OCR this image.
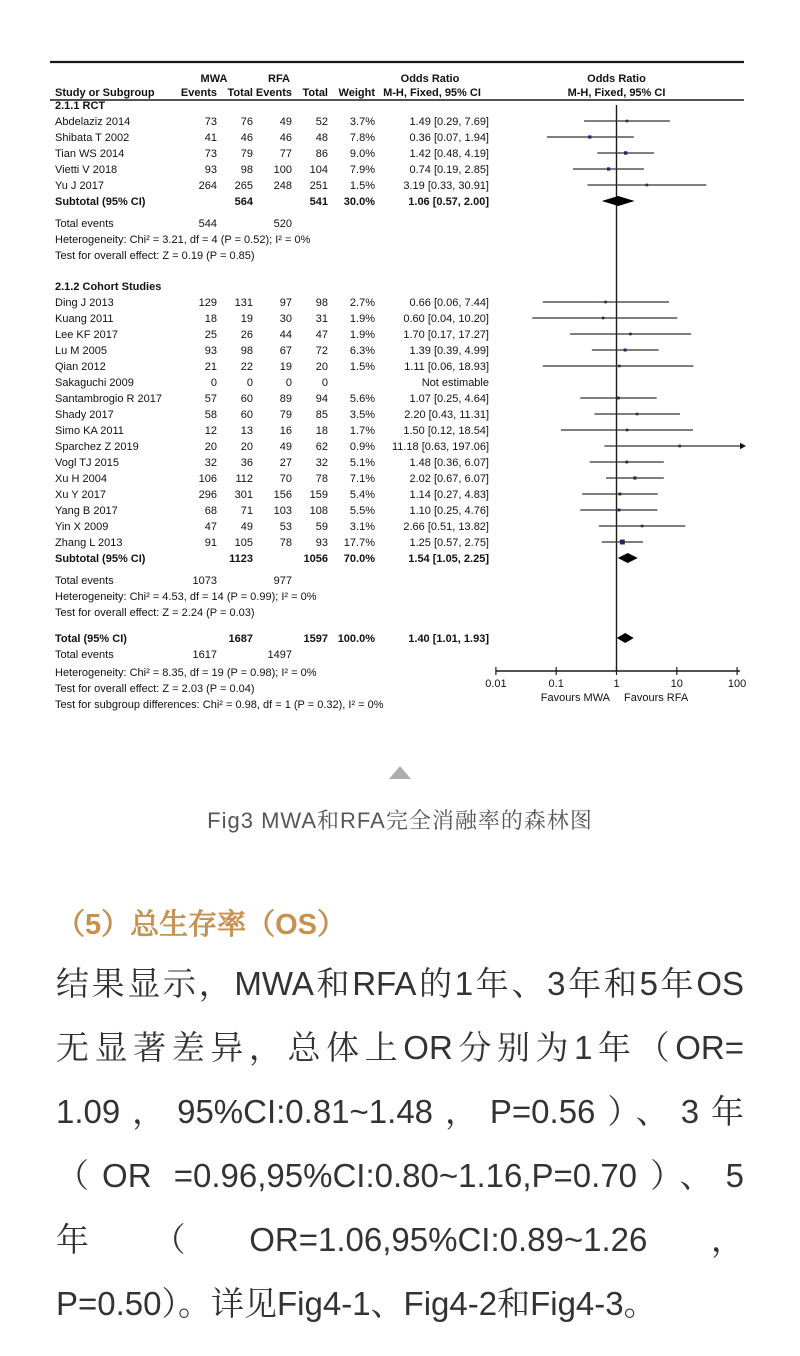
MWA	RFA	Odds Ratio	Odds Ratio
Study or Subgroup Events Total Events Total Weight M-H, Fixed, 95% CI	M-H, Fixed, 95% CI
2.1.1 RCT
Abdelaziz 2014	73 76 49 52 3.7%	1.49 [0.29, 7.69]
Shibata T 2002	41 46 46 48 7.8%	0.36 [0.07, 1.94]
Tian WS 2014	73 79 77 86 9.0%	1.42 [0.48, 4.19]
Vietti V 2018	93 98 100 104 7.9%	0.74 [0.19, 2.85]
Yu J 2017	264 265 248 251 1.5%	3.19 [0.33, 30.91]
Subtotal (95% CI)	564	541 30.0%	1.06 [0.57, 2.00]
Total events	544	520
Heterogeneity: Chi² = 3.21, df = 4 (P = 0.52); I² = 0%
Test for overall effect: Z = 0.19 (P = 0.85)
2.1.2 Cohort Studies
Ding J 2013	129 131 97 98 2.7%	0.66 [0.06, 7.44]
Kuang 2011	18 19 30 31 1.9%	0.60 [0.04, 10.20]
Lee KF 2017	25 26 44 47 1.9%	1.70 [0.17, 17.27]
Lu M 2005	93 98 67 72 6.3%	1.39 [0.39, 4.99]
Qian 2012	21 22 19 20 1.5%	1.11 [0.06, 18.93]
Sakaguchi 2009	0	0	0	0	Not estimable
Santambrogio R 2017	57 60 89 94 5.6%	1.07 [0.25, 4.64]
Shady 2017	58 60 79 85 3.5%	2.20 [0.43, 11.31]
Simo KA 2011	12 13 16 18 1.7%	1.50 [0.12, 18.54]
Sparchez Z 2019	20 20 49 62 0.9% 11.18 [0.63, 197.06]
Vogl TJ 2015	32 36 27 32 5.1%	1.48 [0.36, 6.07]
Xu H 2004	106 112 70 78 7.1%	2.02 [0.67, 6.07]
Xu Y 2017	296 301 156 159 5.4%	1.14 [0.27, 4.83]
Yang B 2017	68 71 103 108 5.5%	1.10 [0.25, 4.76]
Yin X 2009	47 49 53 59 3.1%	2.66 [0.51, 13.82]
Zhang L 2013	91 105 78 93 17.7%	1.25 [0.57, 2.75]
Subtotal (95% CI)	1123	1056 70.0%	1.54 [1.05, 2.25]
Total events	1073	977
Heterogeneity: Chi² = 4.53, df = 14 (P = 0.99); I² = 0%
Test for overall effect: Z = 2.24 (P = 0.03)
Total (95% CI)	1687	1597 100.0%	1.40 [1.01, 1.93]
Total events	1617	1497
Heterogeneity: Chi² = 8.35, df = 19 (P = 0.98); I² = 0%
Test for overall effect: Z = 2.03 (P = 0.04)
Test for subgroup differences: Chi² = 0.98, df = 1 (P = 0.32), I² = 0%
0.01	0.1	1	10	100
Favours MWA Favours RFA
Fig3 MWA和RFA完全消融率的森林图
（5）总生存率（OS）
结果显示，MWA和RFA的1年、3年和5年OS
无显著差异，总体上OR分别为1年（OR=
1.09，95%CI:0.81~1.48，P=0.56）、3年
（OR =0.96,95%CI:0.80~1.16,P=0.70）、5
年（OR=1.06,95%CI:0.89~1.26，
P=0.50）。详见Fig4-1、Fig4-2和Fig4-3。
